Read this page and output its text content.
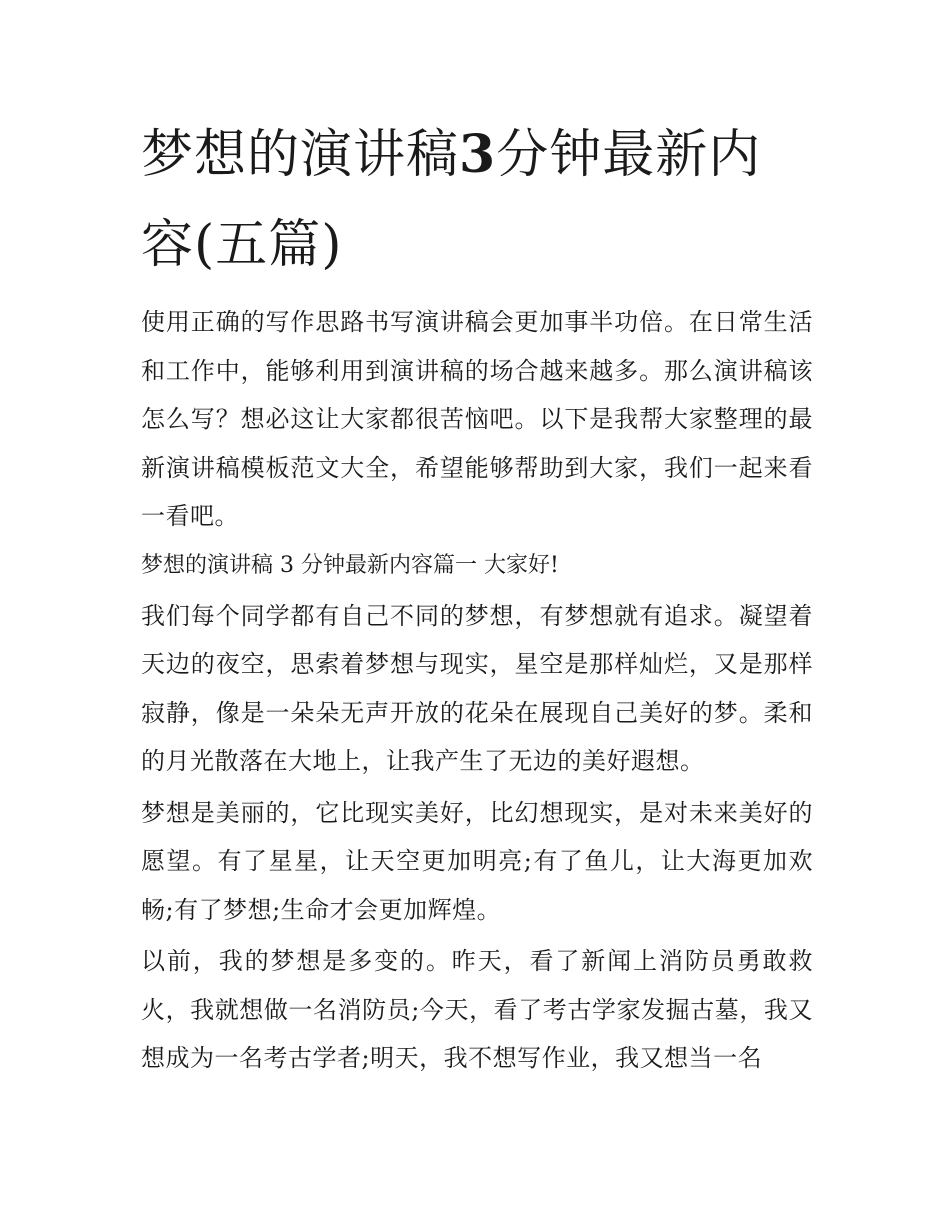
梦想的演讲稿3分钟最新内容(五篇)

使用正确的写作思路书写演讲稿会更加事半功倍。在日常生活和工作中，能够利用到演讲稿的场合越来越多。那么演讲稿该怎么写？想必这让大家都很苦恼吧。以下是我帮大家整理的最新演讲稿模板范文大全，希望能够帮助到大家，我们一起来看一看吧。

梦想的演讲稿 3 分钟最新内容篇一 大家好!

我们每个同学都有自己不同的梦想，有梦想就有追求。凝望着天边的夜空，思索着梦想与现实，星空是那样灿烂，又是那样寂静，像是一朵朵无声开放的花朵在展现自己美好的梦。柔和的月光散落在大地上，让我产生了无边的美好遐想。

梦想是美丽的，它比现实美好，比幻想现实，是对未来美好的愿望。有了星星，让天空更加明亮;有了鱼儿，让大海更加欢畅;有了梦想;生命才会更加辉煌。

以前，我的梦想是多变的。昨天，看了新闻上消防员勇敢救火，我就想做一名消防员;今天，看了考古学家发掘古墓，我又想成为一名考古学者;明天，我不想写作业，我又想当一名
